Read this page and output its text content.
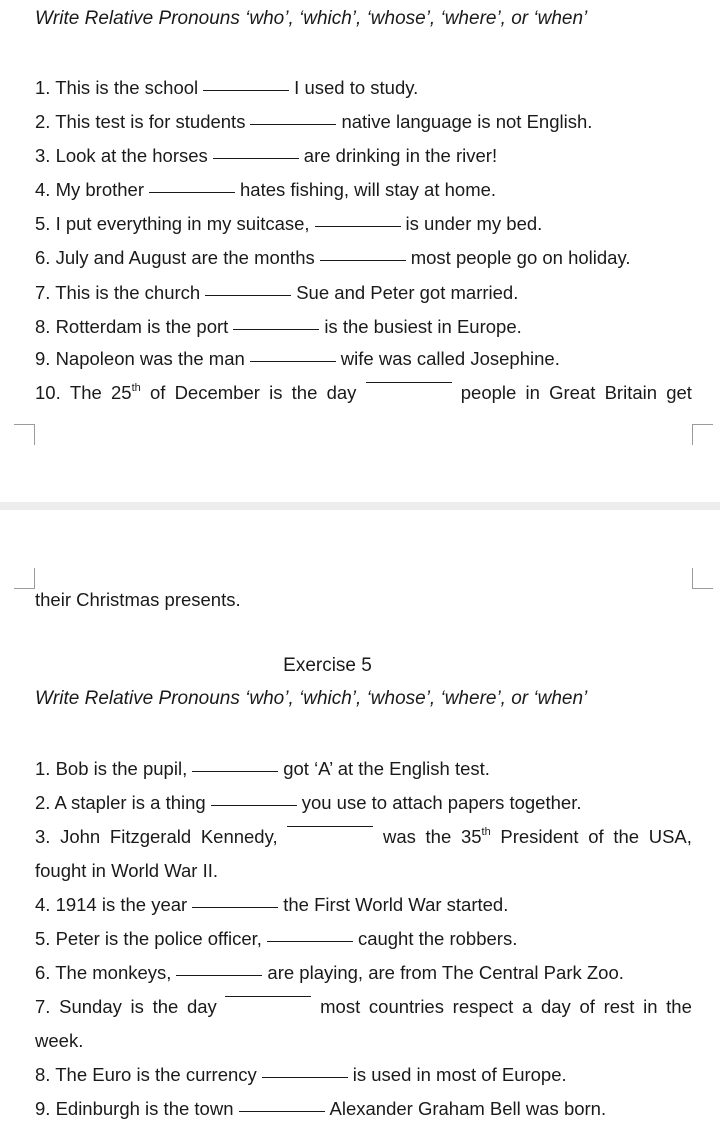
Write Relative Pronouns ‘who’, ‘which’, ‘whose’, ‘where’, or ‘when’
1. This is the school	I used to study.
2. This test is for students	native language is not English.
3. Look at the horses	are drinking in the river!
4. My brother	hates fishing, will stay at home.
5. I put everything in my suitcase,	is under my bed.
6. July and August are the months	most people go on holiday.
7. This is the church	Sue and Peter got married.
8. Rotterdam is the port	is the busiest in Europe.
9. Napoleon was the man	wife was called Josephine.
10. The 25th of December is the day	people in Great Britain get
their Christmas presents.
Exercise 5
Write Relative Pronouns ‘who’, ‘which’, ‘whose’, ‘where’, or ‘when’
1. Bob is the pupil,	got ‘A’ at the English test.
2. A stapler is a thing	you use to attach papers together.
3. John Fitzgerald Kennedy,	was the 35th President of the USA,
fought in World War II.
4. 1914 is the year	the First World War started.
5. Peter is the police officer,	caught the robbers.
6. The monkeys,	are playing, are from The Central Park Zoo.
7. Sunday is the day	most countries respect a day of rest in the
week.
8. The Euro is the currency	is used in most of Europe.
9. Edinburgh is the town	Alexander Graham Bell was born.
